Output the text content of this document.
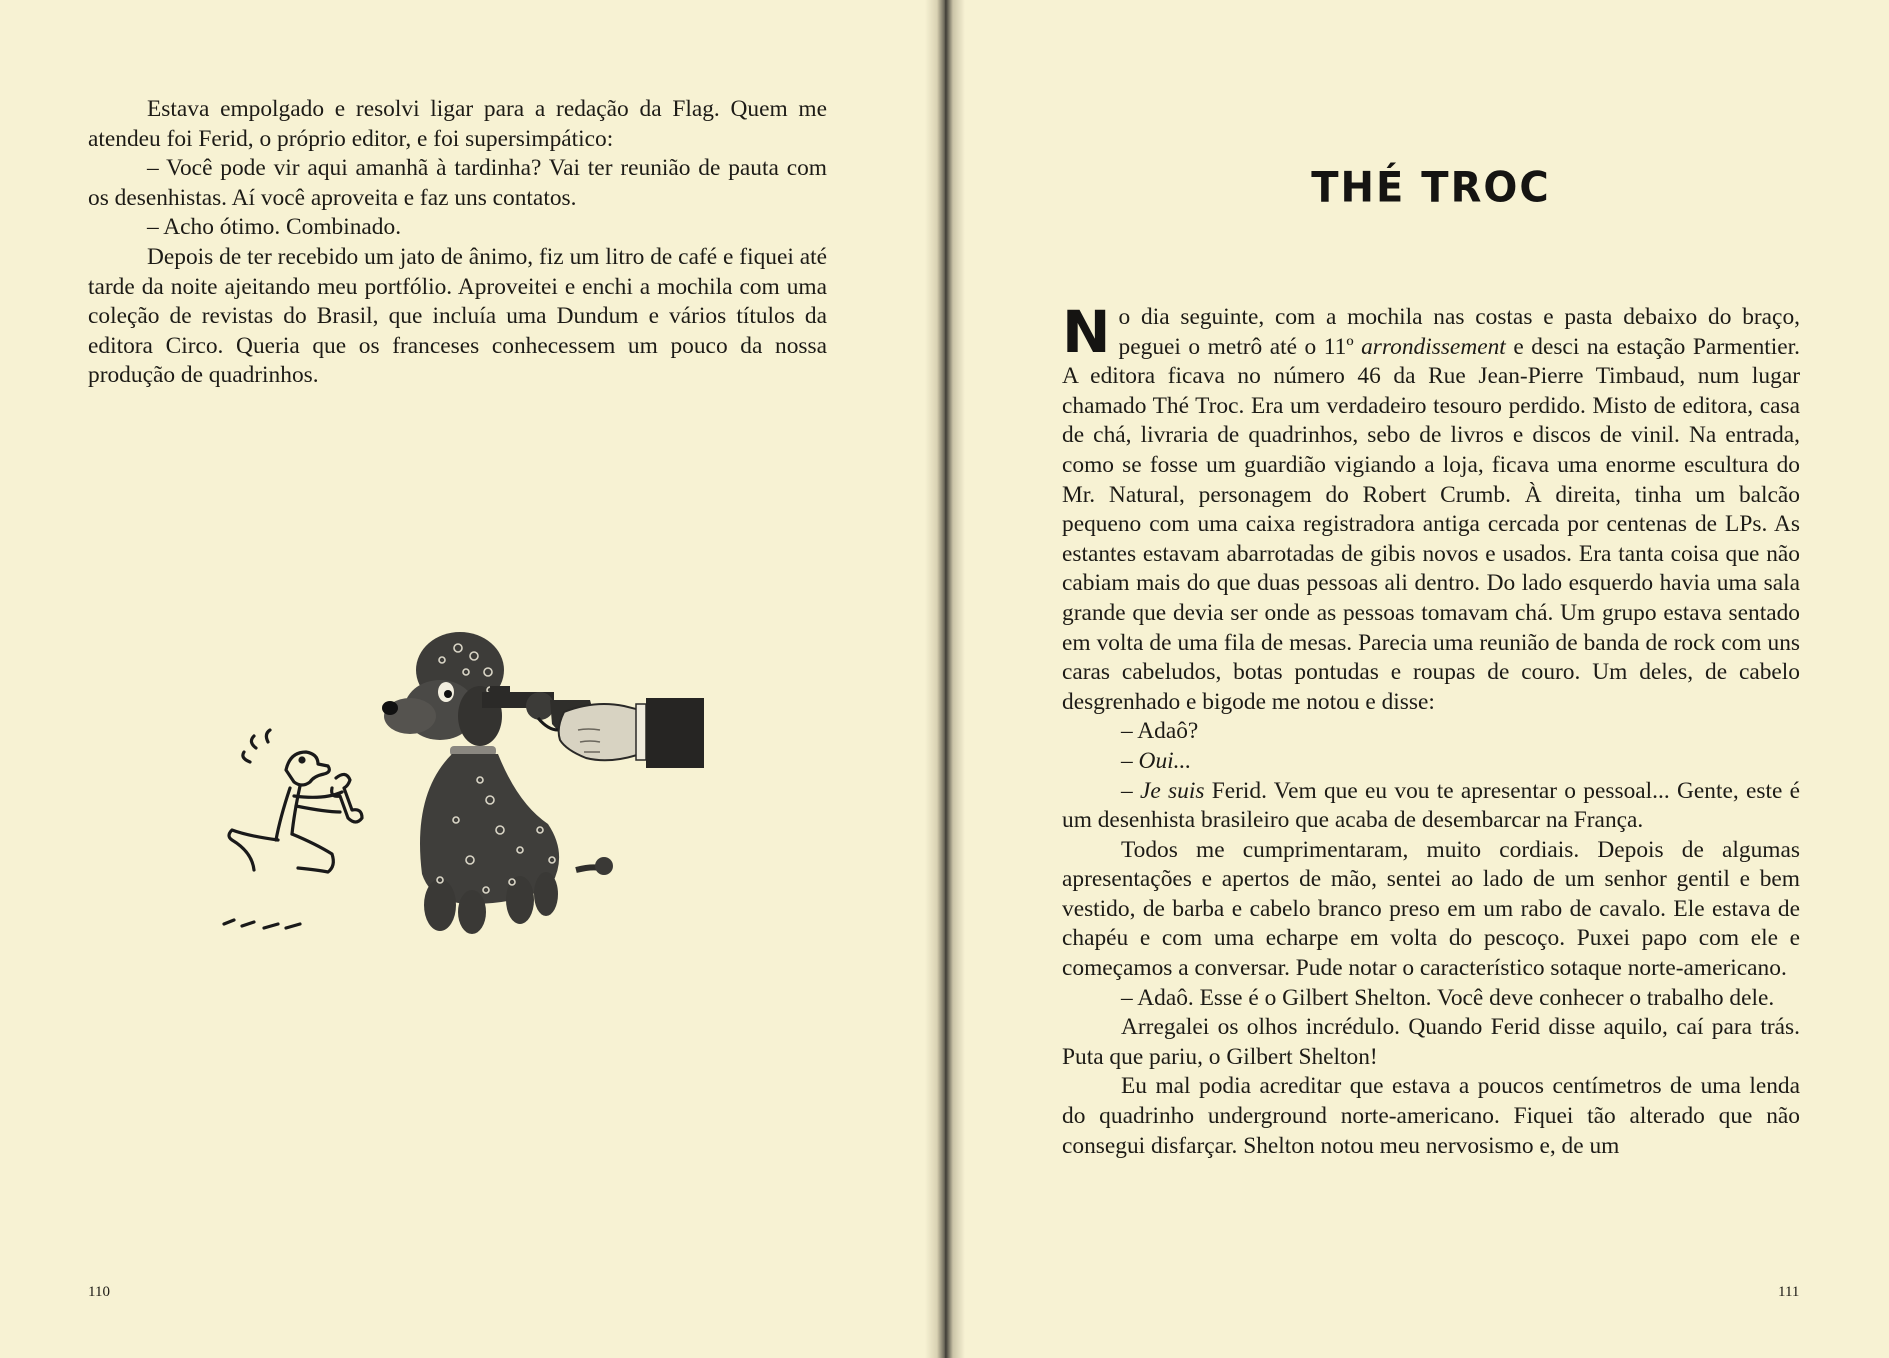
Estava empolgado e resolvi ligar para a redação da Flag. Quem me atendeu foi Ferid, o próprio editor, e foi supersimpático:

– Você pode vir aqui amanhã à tardinha? Vai ter reunião de pauta com os desenhistas. Aí você aproveita e faz uns contatos.

– Acho ótimo. Combinado.

Depois de ter recebido um jato de ânimo, fiz um litro de café e fiquei até tarde da noite ajeitando meu portfólio. Aproveitei e enchi a mochila com uma coleção de revistas do Brasil, que incluía uma Dundum e vários títulos da editora Circo. Queria que os franceses conhecessem um pouco da nossa produção de quadrinhos.

110
THÉ TROC

No dia seguinte, com a mochila nas costas e pasta debaixo do braço, peguei o metrô até o 11º arrondissement e desci na estação Parmentier. A editora ficava no número 46 da Rue Jean-Pierre Timbaud, num lugar chamado Thé Troc. Era um verdadeiro tesouro perdido. Misto de editora, casa de chá, livraria de quadrinhos, sebo de livros e discos de vinil. Na entrada, como se fosse um guardião vigiando a loja, ficava uma enorme escultura do Mr. Natural, personagem do Robert Crumb. À direita, tinha um balcão pequeno com uma caixa registradora antiga cercada por centenas de LPs. As estantes estavam abarrotadas de gibis novos e usados. Era tanta coisa que não cabiam mais do que duas pessoas ali dentro. Do lado esquerdo havia uma sala grande que devia ser onde as pessoas tomavam chá. Um grupo estava sentado em volta de uma fila de mesas. Parecia uma reunião de banda de rock com uns caras cabeludos, botas pontudas e roupas de couro. Um deles, de cabelo desgrenhado e bigode me notou e disse:

– Adaô?

– Oui...

– Je suis Ferid. Vem que eu vou te apresentar o pessoal... Gente, este é um desenhista brasileiro que acaba de desembarcar na França.

Todos me cumprimentaram, muito cordiais. Depois de algumas apresentações e apertos de mão, sentei ao lado de um senhor gentil e bem vestido, de barba e cabelo branco preso em um rabo de cavalo. Ele estava de chapéu e com uma echarpe em volta do pescoço. Puxei papo com ele e começamos a conversar. Pude notar o característico sotaque norte-americano.

– Adaô. Esse é o Gilbert Shelton. Você deve conhecer o trabalho dele.

Arregalei os olhos incrédulo. Quando Ferid disse aquilo, caí para trás. Puta que pariu, o Gilbert Shelton!

Eu mal podia acreditar que estava a poucos centímetros de uma lenda do quadrinho underground norte-americano. Fiquei tão alterado que não consegui disfarçar. Shelton notou meu nervosismo e, de um

111
